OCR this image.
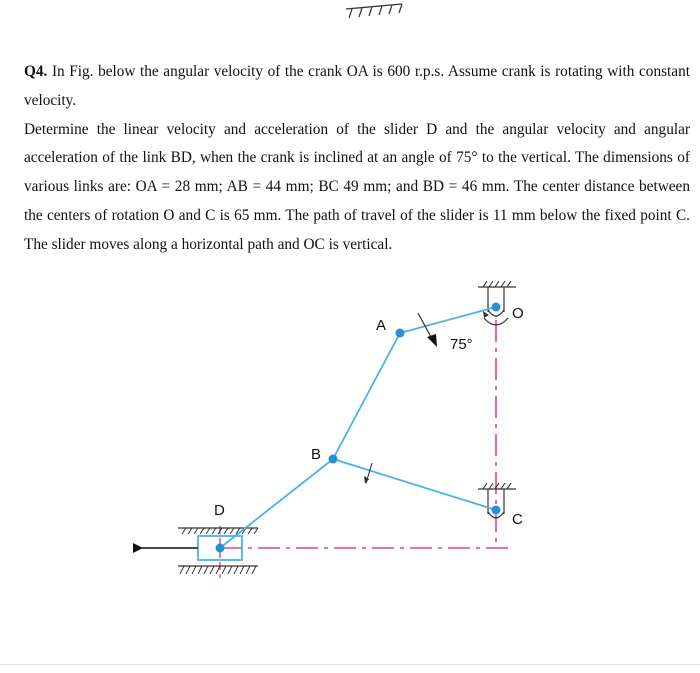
Q4. In Fig. below the angular velocity of the crank OA is 600 r.p.s. Assume crank is rotating with constant velocity.

Determine the linear velocity and acceleration of the slider D and the angular velocity and angular acceleration of the link BD, when the crank is inclined at an angle of 75° to the vertical. The dimensions of various links are: OA = 28 mm; AB = 44 mm; BC 49 mm; and BD = 46 mm. The center distance between the centers of rotation O and C is 65 mm. The path of travel of the slider is 11 mm below the fixed point C. The slider moves along a horizontal path and OC is vertical.

O
A
75°
B
C
D
